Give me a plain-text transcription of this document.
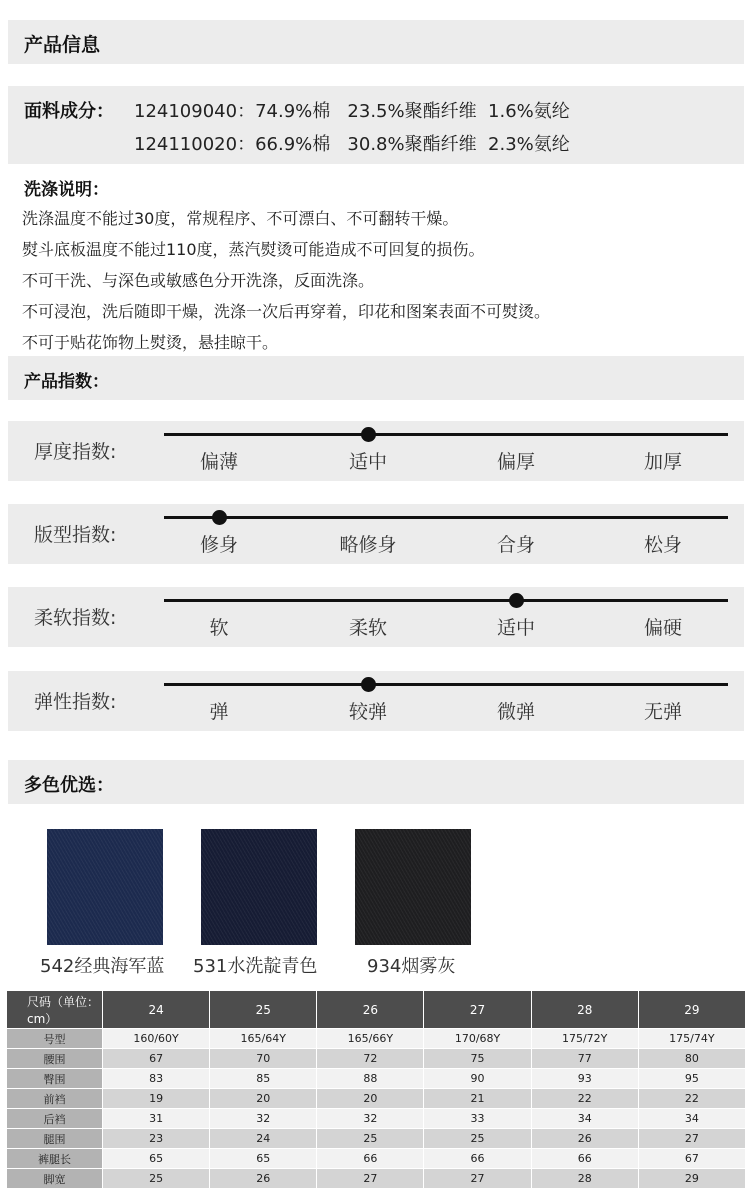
产品信息
面料成分： 124109040：74.9%棉   23.5%聚酯纤维  1.6%氨纶
124110020：66.9%棉   30.8%聚酯纤维  2.3%氨纶
洗涤说明：
洗涤温度不能过30度，常规程序、不可漂白、不可翻转干燥。
熨斗底板温度不能过110度，蒸汽熨烫可能造成不可回复的损伤。
不可干洗、与深色或敏感色分开洗涤，反面洗涤。
不可浸泡，洗后随即干燥，洗涤一次后再穿着，印花和图案表面不可熨烫。
不可于贴花饰物上熨烫，悬挂晾干。
产品指数：
厚度指数:	偏薄	适中	偏厚	加厚
版型指数:	修身	略修身	合身	松身
柔软指数:	软	柔软	适中	偏硬
弹性指数:	弹	较弹	微弹	无弹
多色优选：
542经典海军蓝 531水洗靛青色	934烟雾灰
尺码（单位：cm）	24	25	26	27	28	29
号型	160/60Y	165/64Y	165/66Y	170/68Y	175/72Y	175/74Y
腰围	67	70	72	75	77	80
臀围	83	85	88	90	93	95
前裆	19	20	20	21	22	22
后裆	31	32	32	33	34	34
腿围	23	24	25	25	26	27
裤腿长	65	65	66	66	66	67
脚宽	25	26	27	27	28	29
